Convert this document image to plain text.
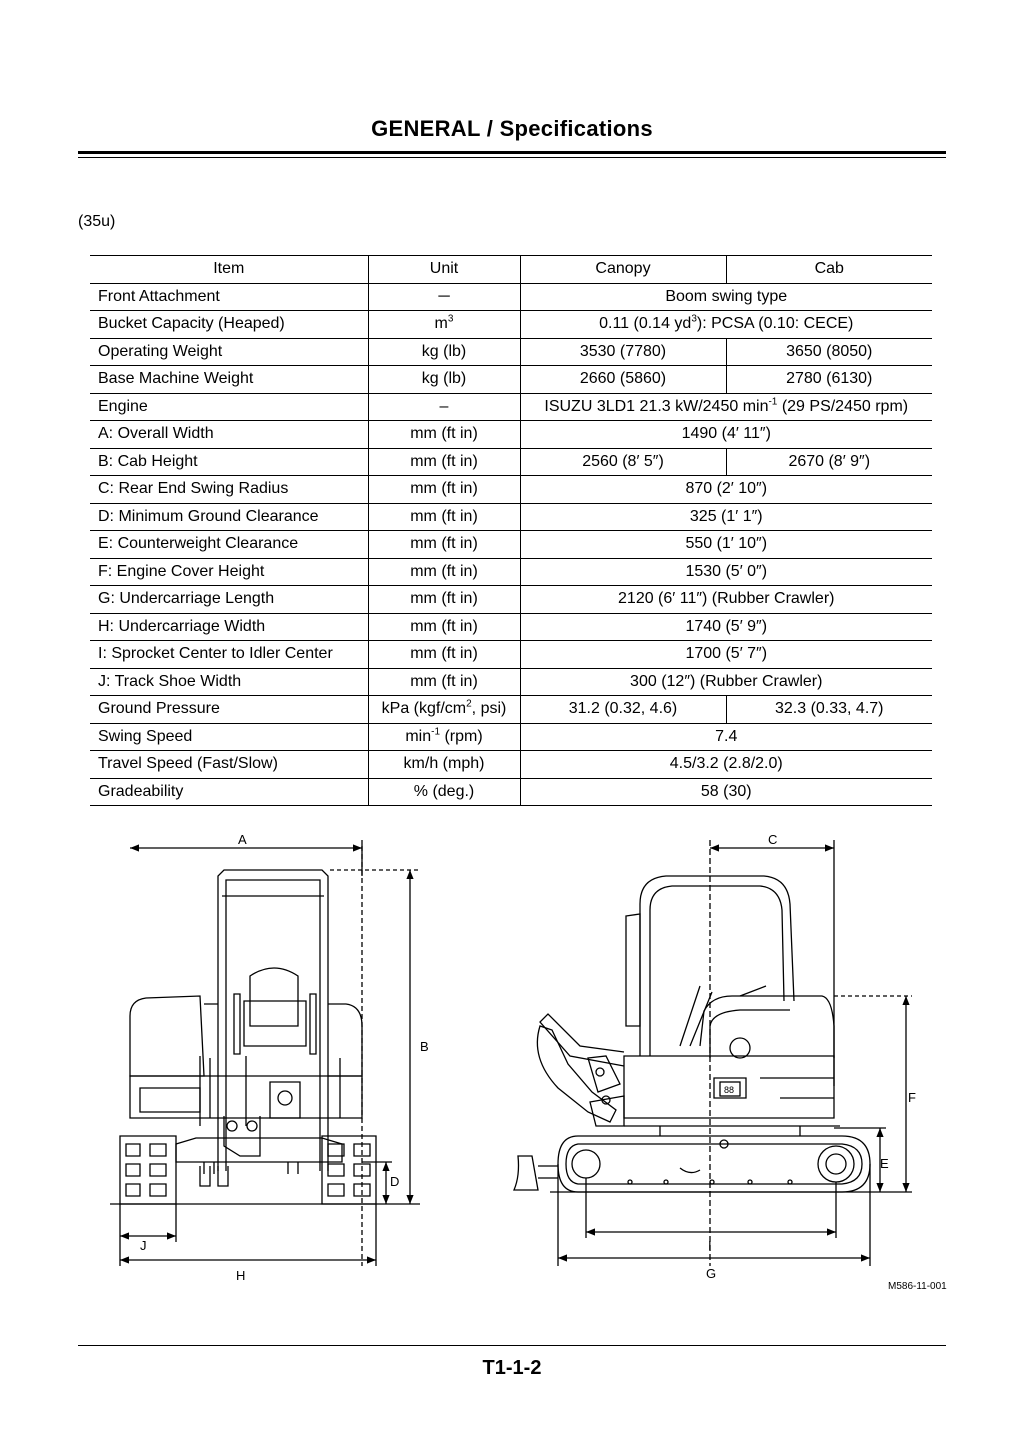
GENERAL / Specifications
(35u)
Item	Unit	Canopy	Cab
Front Attachment	─	Boom swing type	
Bucket Capacity (Heaped)	$m^3$	0.11 (0.14 $yd^3$): PCSA (0.10: CECE)	
Operating Weight	kg (lb)	3530 (7780)	3650 (8050)
Base Machine Weight	kg (lb)	2660 (5860)	2780 (6130)
Engine	–	ISUZU 3LD1 21.3 kW/2450 $\min^{-1} (29$ PS/2450 rpm)	
A: Overall Width	mm (ft in)	1490 (4′ 11″)	
B: Cab Height	mm (ft in)	2560 (8′ 5″)	2670 (8′ 9″)
C: Rear End Swing Radius	mm (ft in)	870 (2′ 10″)	
D: Minimum Ground Clearance	mm (ft in)	325 (1′ 1″)	
E: Counterweight Clearance	mm (ft in)	550 (1′ 10″)	
F: Engine Cover Height	mm (ft in)	1530 (5′ 0″)	
G: Undercarriage Length	mm (ft in)	2120 (6′ 11″) (Rubber Crawler)	
H: Undercarriage Width	mm (ft in)	1740 (5′ 9″)	
I: Sprocket Center to Idler Center	mm (ft in)	1700 (5′ 7″)	
J: Track Shoe Width	mm (ft in)	300 (12″) (Rubber Crawler)	
Ground Pressure	kPa ($kgf/cm^2$, psi)	31.2 (0.32, 4.6)	32.3 (0.33, 4.7)
Swing Speed	$\min^{-1} (rpm)$	7.4	
Travel Speed (Fast/Slow)	km/h (mph)	4.5/3.2 (2.8/2.0)	
Gradeability	% (deg.)	58 (30)	
A
B
C
D
E
F
G
H
I
J
88
M586-11-001
T1-1-2
